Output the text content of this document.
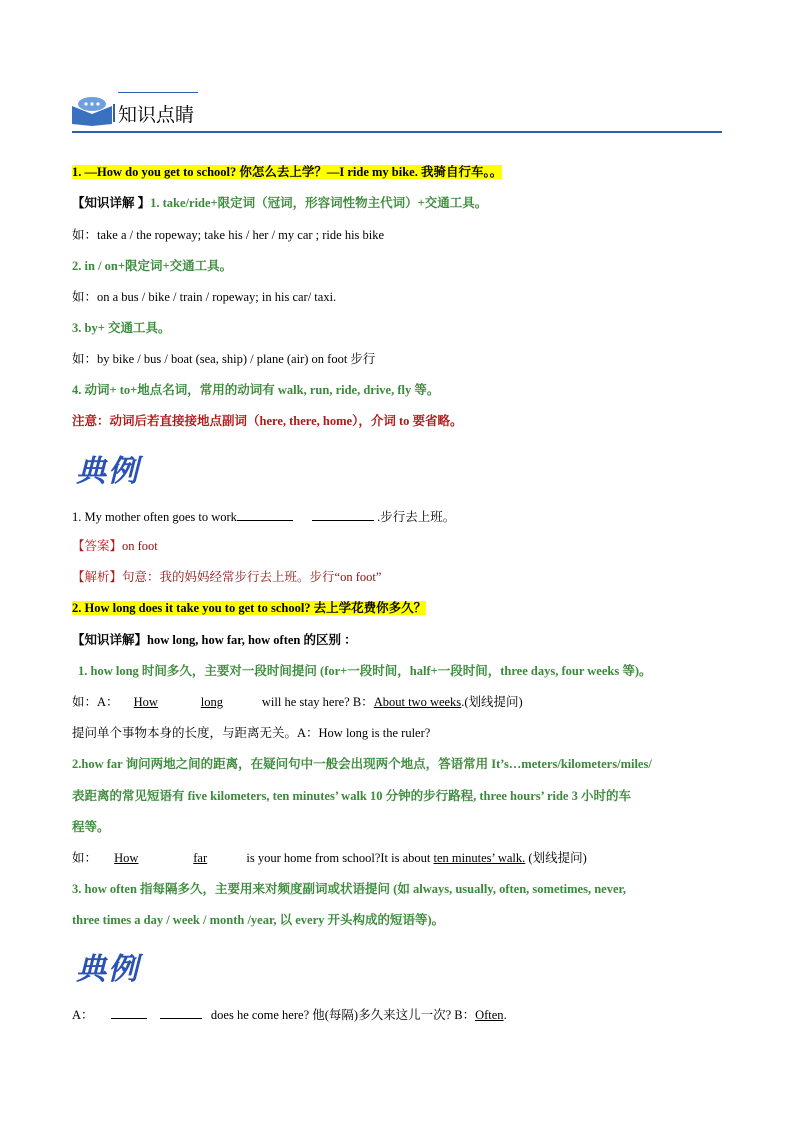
知识点睛
1. —How do you get to school? 你怎么去上学？—I ride my bike. 我骑自行车。。
【知识详解 】1. take/ride+限定词（冠词，形容词性物主代词）+交通工具。
如：take a / the ropeway; take his / her / my car ; ride his bike
2. in / on+限定词+交通工具。
如：on a bus / bike / train / ropeway; in his car/ taxi.
3. by+ 交通工具。
如：by bike / bus / boat (sea, ship) / plane (air) on foot 步行
4. 动词+ to+地点名词，常用的动词有 walk, run, ride, drive, fly 等。
注意：动词后若直接接地点副词（here, there, home），介词 to 要省略。
典例
1. My mother often goes to work	.步行去上班。
【答案】on foot
【解析】句意：我的妈妈经常步行去上班。步行“on foot”
2. How long does it take you to get to school? 去上学花费你多久？
【知识详解】how long, how far, how often 的区别 ：
1. how long 时间多久，主要对一段时间提问 (for+一段时间，half+一段时间，three days, four weeks 等)。
如：A： How	long	will he stay here? B：About two weeks.(划线提问)
提问单个事物本身的长度，与距离无关。A：How long is the ruler?
2.how far 询问两地之间的距离，在疑问句中一般会出现两个地点，答语常用 It’s…meters/kilometers/miles/
表距离的常见短语有 five kilometers, ten minutes’ walk 10 分钟的步行路程, three hours’ ride 3 小时的车
程等。
如： How	far	is your home from school?It is about ten minutes’ walk. (划线提问)
3. how often 指每隔多久，主要用来对频度副词或状语提问 (如 always, usually, often, sometimes, never,
three times a day / week / month /year, 以 every 开头构成的短语等)。
典例
A：	does he come here? 他(每隔)多久来这儿一次? B：Often.
